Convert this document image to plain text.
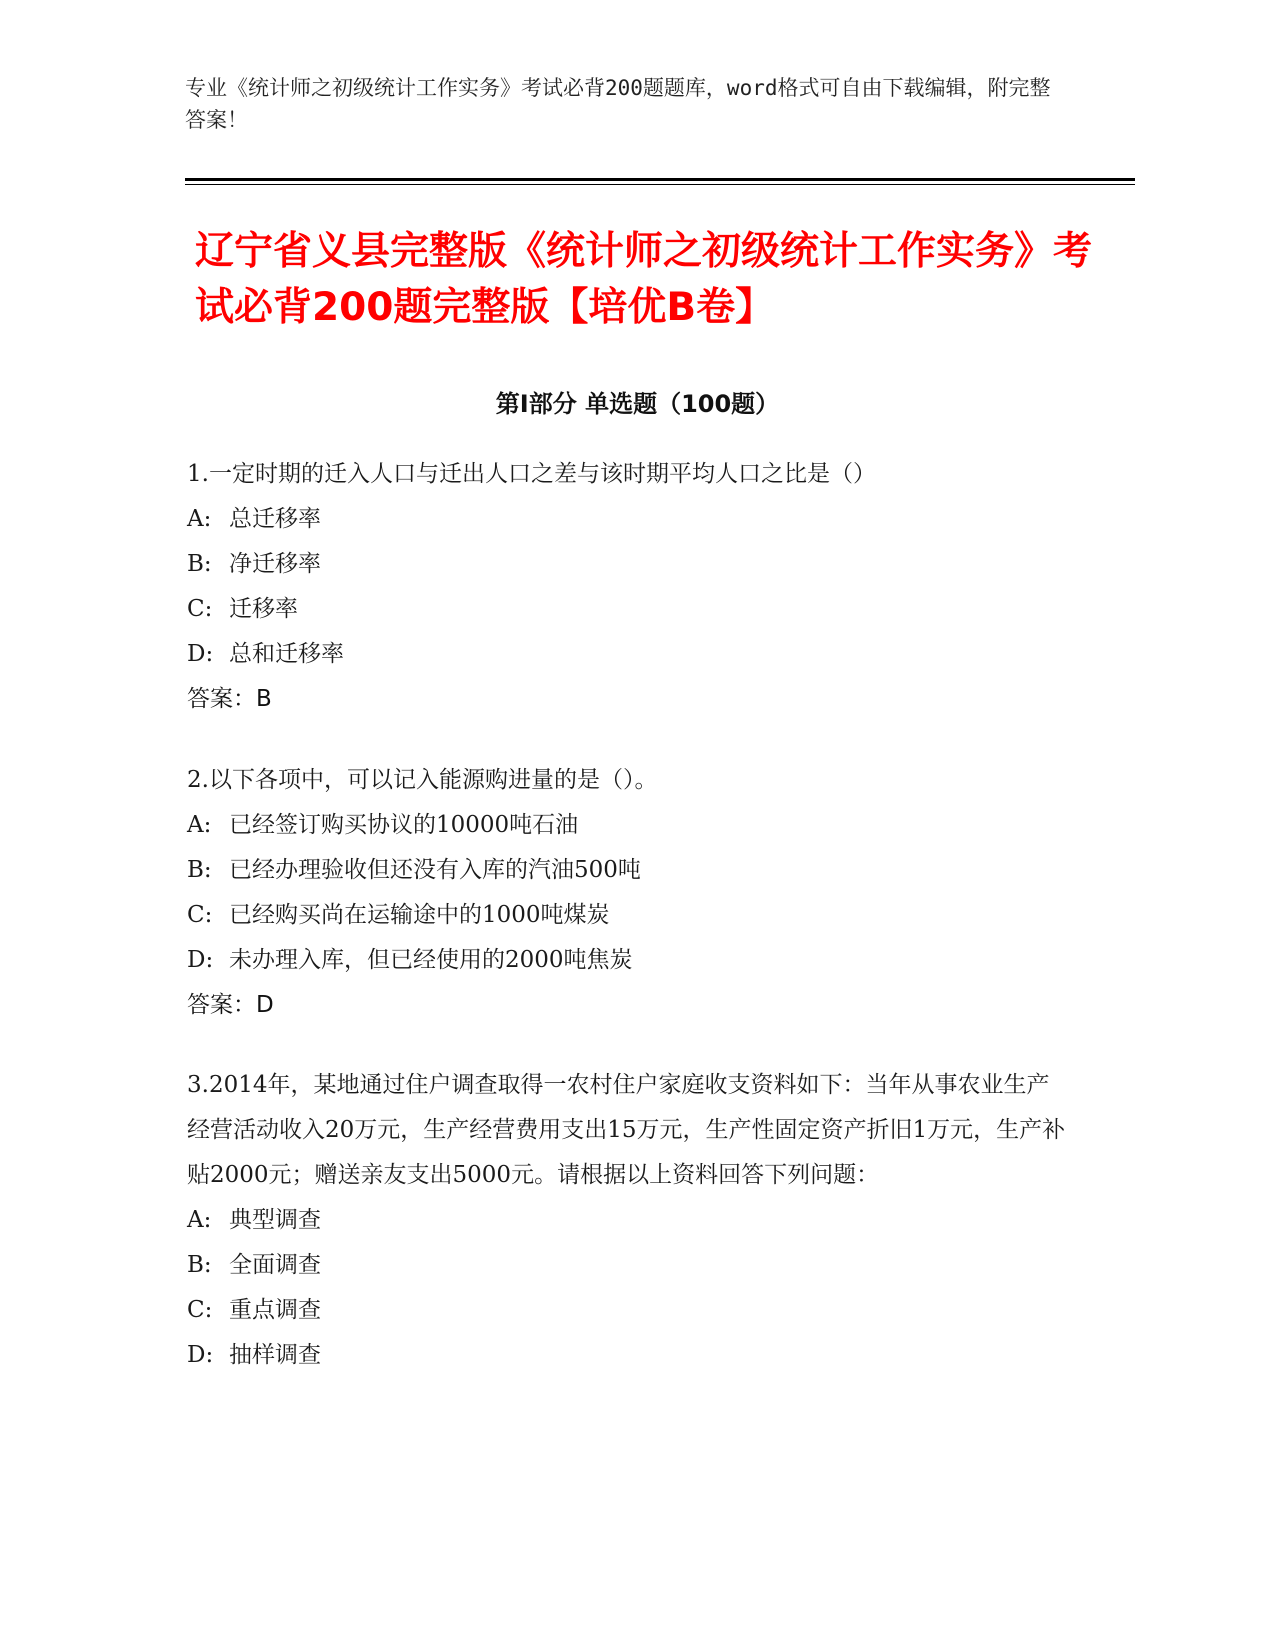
专业《统计师之初级统计工作实务》考试必背200题题库，word格式可自由下载编辑，附完整答案！
辽宁省义县完整版《统计师之初级统计工作实务》考试必背200题完整版【培优B卷】
第Ⅰ部分 单选题（100题）
1.一定时期的迁入人口与迁出人口之差与该时期平均人口之比是（）
A: 总迁移率
B: 净迁移率
C: 迁移率
D: 总和迁移率
答案：B
2.以下各项中，可以记入能源购进量的是（）。
A: 已经签订购买协议的10000吨石油
B: 已经办理验收但还没有入库的汽油500吨
C: 已经购买尚在运输途中的1000吨煤炭
D: 未办理入库，但已经使用的2000吨焦炭
答案：D
3.2014年，某地通过住户调查取得一农村住户家庭收支资料如下：当年从事农业生产经营活动收入20万元，生产经营费用支出15万元，生产性固定资产折旧1万元，生产补贴2000元；赠送亲友支出5000元。请根据以上资料回答下列问题：
A: 典型调查
B: 全面调查
C: 重点调查
D: 抽样调查
